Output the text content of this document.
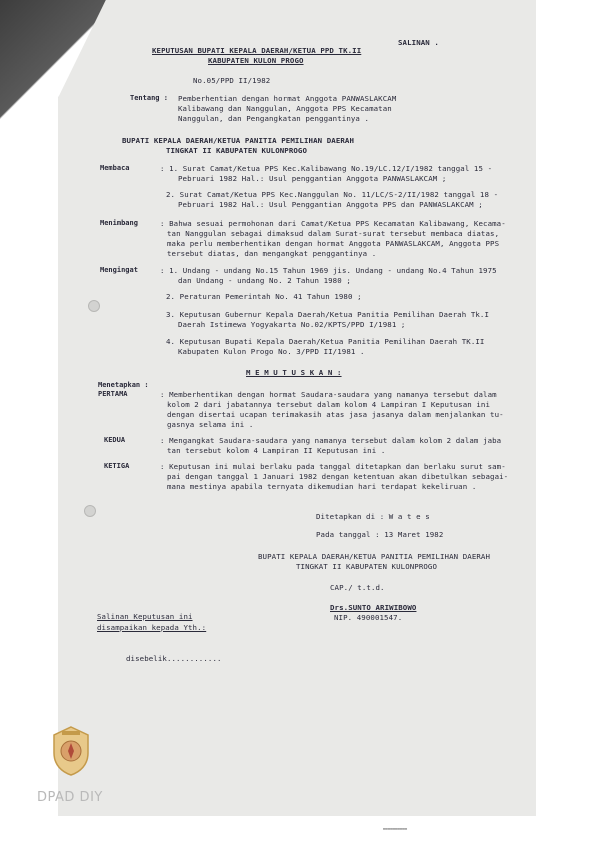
SALINAN .
KEPUTUSAN BUPATI KEPALA DAERAH/KETUA PPD TK.II
KABUPATEN KULON PROGO
No.05/PPD II/1982
Tentang : Pemberhentian dengan hormat Anggota PANWASLAKCAM
Kalibawang dan Nanggulan, Anggota PPS Kecamatan
Nanggulan, dan Pengangkatan penggantinya .
BUPATI KEPALA DAERAH/KETUA PANITIA PEMILIHAN DAERAH
TINGKAT II KABUPATEN KULONPROGO
Membaca	: 1. Surat Camat/Ketua PPS Kec.Kalibawang No.19/LC.12/I/1982 tanggal 15 -
Pebruari 1982 Hal.: Usul penggantian Anggota PANWASLAKCAM ;
2. Surat Camat/Ketua PPS Kec.Nanggulan No. 11/LC/S-2/II/1982 tanggal 18 -
Pebruari 1982 Hal.: Usul Penggantian Anggota PPS dan PANWASLAKCAM ;
Menimbang	: Bahwa sesuai permohonan dari Camat/Ketua PPS Kecamatan Kalibawang, Kecama-
tan Nanggulan sebagai dimaksud dalam Surat-surat tersebut membaca diatas,
maka perlu memberhentikan dengan hormat Anggota PANWASLAKCAM, Anggota PPS
tersebut diatas, dan mengangkat penggantinya .
Mengingat	: 1. Undang - undang No.15 Tahun 1969 jis. Undang - undang No.4 Tahun 1975
dan Undang - undang No. 2 Tahun 1980 ;
2. Peraturan Pemerintah No. 41 Tahun 1980 ;
3. Keputusan Gubernur Kepala Daerah/Ketua Panitia Pemilihan Daerah Tk.I
Daerah Istimewa Yogyakarta No.02/KPTS/PPD I/1981 ;
4. Keputusan Bupati Kepala Daerah/Ketua Panitia Pemilihan Daerah TK.II
Kabupaten Kulon Progo No. 3/PPD II/1981 .
M E M U T U S K A N :
Menetapkan :
PERTAMA	: Memberhentikan dengan hormat Saudara-saudara yang namanya tersebut dalam
kolom 2 dari jabatannya tersebut dalam kolom 4 Lampiran I Keputusan ini
dengan disertai ucapan terimakasih atas jasa jasanya dalam menjalankan tu-
gasnya selama ini .
KEDUA	: Mengangkat Saudara-saudara yang namanya tersebut dalam kolom 2 dalam jaba
tan tersebut kolom 4 Lampiran II Keputusan ini .
KETIGA	: Keputusan ini mulai berlaku pada tanggal ditetapkan dan berlaku surut sam-
pai dengan tanggal 1 Januari 1982 dengan ketentuan akan dibetulkan sebagai-
mana mestinya apabila ternyata dikemudian hari terdapat kekeliruan .
Ditetapkan di : W a t e s
Pada tanggal : 13 Maret 1982
BUPATI KEPALA DAERAH/KETUA PANITIA PEMILIHAN DAERAH
TINGKAT II KABUPATEN KULONPROGO
CAP./ t.t.d.
Drs.SUNTO ARIWIBOWO
NIP. 490001547.
Salinan Keputusan ini
disampaikan kepada Yth.:
disebelik............
DPAD DIY
▬▬▬▬▬▬▬▬▬▬
